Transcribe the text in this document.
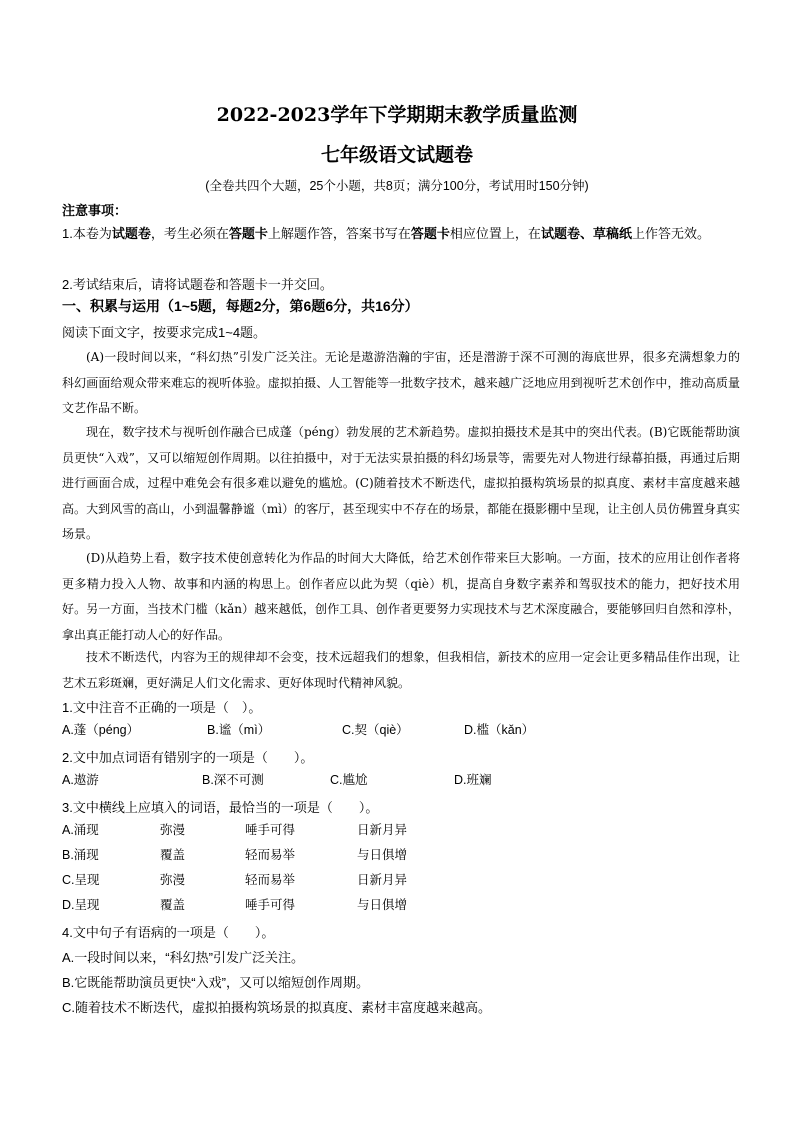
2022-2023学年下学期期末教学质量监测
七年级语文试题卷
(全卷共四个大题，25个小题，共8页；满分100分，考试用时150分钟)
注意事项：
1.本卷为试题卷，考生必须在答题卡上解题作答，答案书写在答题卡相应位置上，在试题卷、草稿纸上作答无效。
2.考试结束后，请将试题卷和答题卡一并交回。
一、积累与运用（1~5题，每题2分，第6题6分，共16分）
阅读下面文字，按要求完成1~4题。
(A)一段时间以来，“科幻热”引发广泛关注。无论是遨游浩瀚的宇宙，还是潜游于深不可测的海底世界，很多充满想象力的科幻画面给观众带来难忘的视听体验。虚拟拍摄、人工智能等一批数字技术，越来越广泛地应用到视听艺术创作中，推动高质量文艺作品不断。
现在，数字技术与视听创作融合已成蓬（péng）勃发展的艺术新趋势。虚拟拍摄技术是其中的突出代表。(B)它既能帮助演员更快“入戏”，又可以缩短创作周期。以往拍摄中，对于无法实景拍摄的科幻场景等，需要先对人物进行绿幕拍摄，再通过后期进行画面合成，过程中难免会有很多难以避免的尴尬。(C)随着技术不断迭代，虚拟拍摄构筑场景的拟真度、素材丰富度越来越高。大到风雪的高山，小到温馨静谧（mì）的客厅，甚至现实中不存在的场景，都能在摄影棚中呈现，让主创人员仿佛置身真实场景。
(D)从趋势上看，数字技术使创意转化为作品的时间大大降低，给艺术创作带来巨大影响。一方面，技术的应用让创作者将更多精力投入人物、故事和内涵的构思上。创作者应以此为契（qiè）机，提高自身数字素养和驾驭技术的能力，把好技术用好。另一方面，当技术门槛（kǎn）越来越低，创作工具、创作者更要努力实现技术与艺术深度融合，要能够回归自然和淳朴，拿出真正能打动人心的好作品。
技术不断迭代，内容为王的规律却不会变，技术远超我们的想象，但我相信，新技术的应用一定会让更多精品佳作出现，让艺术五彩斑斓，更好满足人们文化需求、更好体现时代精神风貌。
1.文中注音不正确的一项是（　）。
A.蓬（péng）	B.谧（mì）	C.契（qiè）	D.槛（kǎn）
2.文中加点词语有错别字的一项是（　　）。
A.遨游	B.深不可测	C.尴尬	D.班斓
3.文中横线上应填入的词语，最恰当的一项是（　　）。
A.涌现	弥漫	唾手可得	日新月异
B.涌现	覆盖	轻而易举	与日俱增
C.呈现	弥漫	轻而易举	日新月异
D.呈现	覆盖	唾手可得	与日俱增
4.文中句子有语病的一项是（　　）。
A.一段时间以来，“科幻热”引发广泛关注。
B.它既能帮助演员更快“入戏”，又可以缩短创作周期。
C.随着技术不断迭代，虚拟拍摄构筑场景的拟真度、素材丰富度越来越高。
